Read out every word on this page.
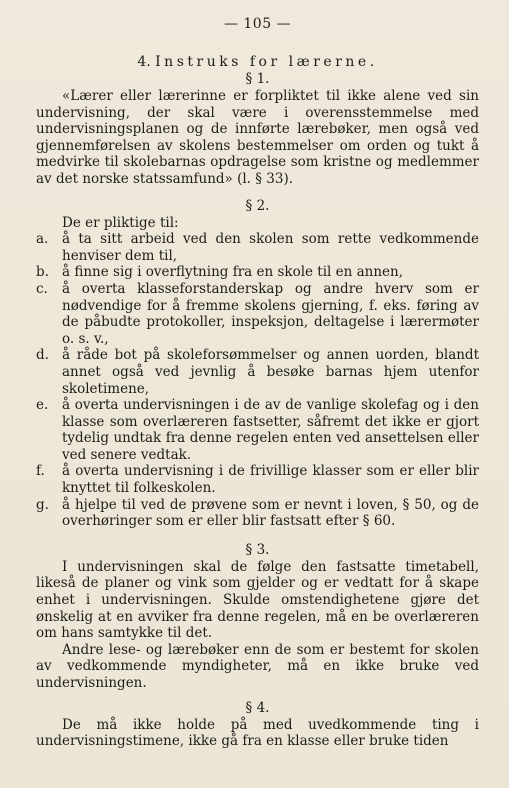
— 105 —
4. Instruks for lærerne.
§ 1.

«Lærer eller lærerinne er forpliktet til ikke alene ved sin undervisning, der skal være i overensstemmelse med undervisningsplanen og de innførte lærebøker, men også ved gjennemførelsen av skolens bestemmelser om orden og tukt å medvirke til skolebarnas opdragelse som kristne og medlemmer av det norske statssamfund» (l. § 33).

§ 2.

De er pliktige til:

a.	å ta sitt arbeid ved den skolen som rette vedkommende henviser dem til,
b. å finne sig i overflytning fra en skole til en annen,
c.	å overta klasseforstanderskap og andre hverv som er nødvendige for å fremme skolens gjerning, f. eks. føring av de påbudte protokoller, inspeksjon, deltagelse i lærermøter o. s. v.,
d. å råde bot på skoleforsømmelser og annen uorden, blandt annet også ved jevnlig å besøke barnas hjem utenfor skoletimene,
e.	å overta undervisningen i de av de vanlige skolefag og i den klasse som overlæreren fastsetter, såfremt det ikke er gjort tydelig undtak fra denne regelen enten ved ansettelsen eller ved senere vedtak.
f.	å overta undervisning i de frivillige klasser som er eller blir knyttet til folkeskolen.
g. å hjelpe til ved de prøvene som er nevnt i loven, § 50, og de overhøringer som er eller blir fastsatt efter § 60.
§ 3.

I undervisningen skal de følge den fastsatte timetabell, likeså de planer og vink som gjelder og er vedtatt for å skape enhet i undervisningen. Skulde omstendighetene gjøre det ønskelig at en avviker fra denne regelen, må en be overlæreren om hans samtykke til det.

Andre lese- og lærebøker enn de som er bestemt for skolen av vedkommende myndigheter, må en ikke bruke ved undervisningen.

§ 4.

De må ikke holde på med uvedkommende ting i undervisningstimene, ikke gå fra en klasse eller bruke tiden
